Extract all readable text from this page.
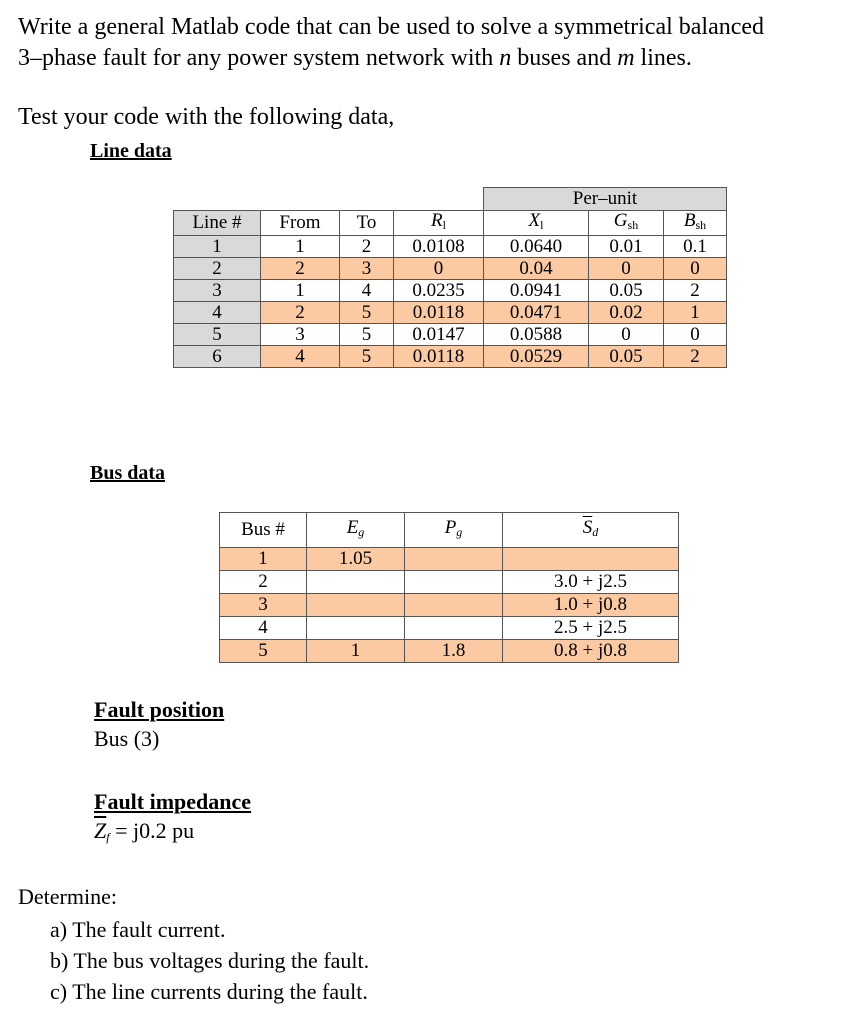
Write a general Matlab code that can be used to solve a symmetrical balanced
3–phase fault for any power system network with n buses and m lines.
Test your code with the following data,
Line data
				Per–unit		
Line #	From	To	$R_l$	$X_l$	$G_{sh}$	$B_{sh}$
1	1	2	0.0108	0.0640	0.01	0.1
2	2	3	0	0.04	0	0
3	1	4	0.0235	0.0941	0.05	2
4	2	5	0.0118	0.0471	0.02	1
5	3	5	0.0147	0.0588	0	0
6	4	5	0.0118	0.0529	0.05	2
Bus data
Bus #	$E_g$	$P_g$	$\overline{S}_d$
1	1.05		
2			3.0 + j2.5
3			1.0 + j0.8
4			2.5 + j2.5
5	1	1.8	0.8 + j0.8
Fault position
Bus (3)
Fault impedance
$\overline{Z}_f = j0.2$ pu
Determine:
a) The fault current.
b) The bus voltages during the fault.
c) The line currents during the fault.
